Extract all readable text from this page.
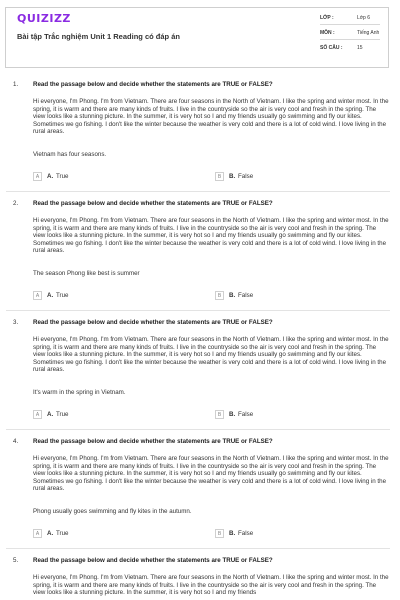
QUIZIZZ
Bài tập Trắc nghiệm Unit 1 Reading có đáp án
LỚP :	Lớp 6
MÔN :	Tiếng Anh
SỐ CÂU :	15
1. Read the passage below and decide whether the statements are TRUE or FALSE?

Hi everyone, I'm Phong. I'm from Vietnam. There are four seasons in the North of Vietnam. I like the spring and winter most. In the spring, it is warm and there are many kinds of fruits. I live in the countryside so the air is very cool and fresh in the spring. The view looks like a stunning picture. In the summer, it is very hot so I and my friends usually go swimming and fly our kites. Sometimes we go fishing. I don't like the winter because the weather is very cold and there is a lot of cold wind. I love living in the rural areas.

Vietnam has four seasons.
A	A. True	B	B. False
2. Read the passage below and decide whether the statements are TRUE or FALSE?

Hi everyone, I'm Phong. I'm from Vietnam. There are four seasons in the North of Vietnam. I like the spring and winter most. In the spring, it is warm and there are many kinds of fruits. I live in the countryside so the air is very cool and fresh in the spring. The view looks like a stunning picture. In the summer, it is very hot so I and my friends usually go swimming and fly our kites. Sometimes we go fishing. I don't like the winter because the weather is very cold and there is a lot of cold wind. I love living in the rural areas.

The season Phong like best is summer
A	A. True	B	B. False
3. Read the passage below and decide whether the statements are TRUE or FALSE?

Hi everyone, I'm Phong. I'm from Vietnam. There are four seasons in the North of Vietnam. I like the spring and winter most. In the spring, it is warm and there are many kinds of fruits. I live in the countryside so the air is very cool and fresh in the spring. The view looks like a stunning picture. In the summer, it is very hot so I and my friends usually go swimming and fly our kites. Sometimes we go fishing. I don't like the winter because the weather is very cold and there is a lot of cold wind. I love living in the rural areas.

It's warm in the spring in Vietnam.
A	A. True	B	B. False
4. Read the passage below and decide whether the statements are TRUE or FALSE?

Hi everyone, I'm Phong. I'm from Vietnam. There are four seasons in the North of Vietnam. I like the spring and winter most. In the spring, it is warm and there are many kinds of fruits. I live in the countryside so the air is very cool and fresh in the spring. The view looks like a stunning picture. In the summer, it is very hot so I and my friends usually go swimming and fly our kites. Sometimes we go fishing. I don't like the winter because the weather is very cold and there is a lot of cold wind. I love living in the rural areas.

Phong usually goes swimming and fly kites in the autumn.
A	A. True	B	B. False
5. Read the passage below and decide whether the statements are TRUE or FALSE?

Hi everyone, I'm Phong. I'm from Vietnam. There are four seasons in the North of Vietnam. I like the spring and winter most. In the spring, it is warm and there are many kinds of fruits. I live in the countryside so the air is very cool and fresh in the spring. The view looks like a stunning picture. In the summer, it is very hot so I and my friends
